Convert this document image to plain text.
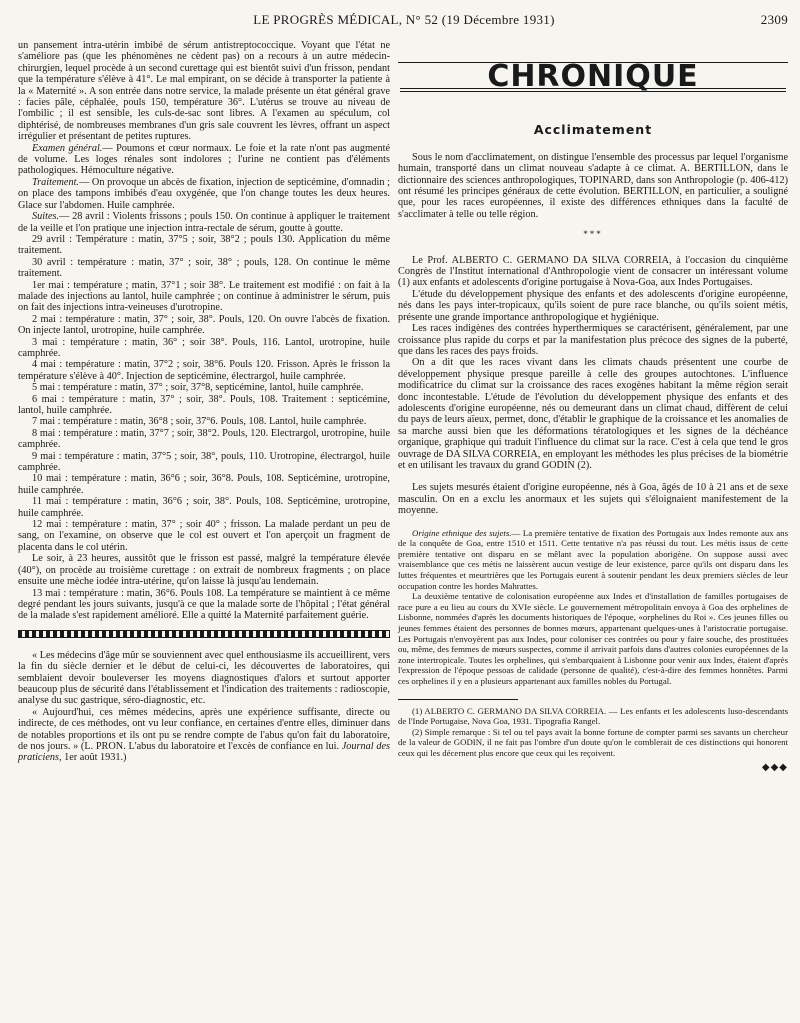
LE PROGRÈS MÉDICAL, N° 52 (19 Décembre 1931)	2309

un pansement intra-utérin imbibé de sérum antistreptococcique. Voyant que l'état ne s'améliore pas (que les phénomènes ne cèdent pas) on a recours à un autre médecin-chirurgien, lequel procède à un second curettage qui est bientôt suivi d'un frisson, pendant que la température s'élève à 41°. Le mal empirant, on se décide à transporter la patiente à la « Maternité ». A son entrée dans notre service, la malade présente un état général grave : facies pâle, céphalée, pouls 150, température 36°. L'utérus se trouve au niveau de l'ombilic ; il est sensible, les culs-de-sac sont libres. A l'examen au spéculum, col diphtérisé, de nombreuses membranes d'un gris sale couvrent les lèvres, offrant un aspect irrégulier et présentant de petites ruptures.

Examen général.— Poumons et cœur normaux. Le foie et la rate n'ont pas augmenté de volume. Les loges rénales sont indolores ; l'urine ne contient pas d'éléments pathologiques. Hémoculture négative.

Traitement.— On provoque un abcès de fixation, injection de septicémine, d'omnadin ; on place des tampons imbibés d'eau oxygénée, que l'on change toutes les deux heures. Glace sur l'abdomen. Huile camphrée.

Suites.— 28 avril : Violents frissons ; pouls 150. On continue à appliquer le traitement de la veille et l'on pratique une injection intra-rectale de sérum, goutte à goutte.

29 avril : Température : matin, 37°5 ; soir, 38°2 ; pouls 130. Application du même traitement.

30 avril : température : matin, 37° ; soir, 38° ; pouls, 128. On continue le même traitement.

1er mai : température ; matin, 37°1 ; soir 38°. Le traitement est modifié : on fait à la malade des injections au lantol, huile camphrée ; on continue à administrer le sérum, puis on fait des injections intra-veineuses d'urotropine.

2 mai : température : matin, 37° ; soir, 38°. Pouls, 120. On ouvre l'abcès de fixation. On injecte lantol, urotropine, huile camphrée.

3 mai : température : matin, 36° ; soir 38°. Pouls, 116. Lantol, urotropine, huile camphrée.

4 mai : température : matin, 37°2 ; soir, 38°6. Pouls 120. Frisson. Après le frisson la température s'élève à 40°. Injection de septicémine, électrargol, huile camphrée.

5 mai : température : matin, 37° ; soir, 37°8, septicémine, lantol, huile camphrée.

6 mai : température : matin, 37° ; soir, 38°. Pouls, 108. Traitement : septicémine, lantol, huile camphrée.

7 mai : température : matin, 36°8 ; soir, 37°6. Pouls, 108. Lantol, huile camphrée.

8 mai : température : matin, 37°7 ; soir, 38°2. Pouls, 120. Electrargol, urotropine, huile camphrée.

9 mai : température : matin, 37°5 ; soir, 38°, pouls, 110. Urotropine, électrargol, huile camphrée.

10 mai : température : matin, 36°6 ; soir, 36°8. Pouls, 108. Septicémine, urotropine, huile camphrée.

11 mai : température : matin, 36°6 ; soir, 38°. Pouls, 108. Septicémine, urotropine, huile camphrée.

12 mai : température : matin, 37° ; soir 40° ; frisson. La malade perdant un peu de sang, on l'examine, on observe que le col est ouvert et l'on aperçoit un fragment de placenta dans le col utérin.

Le soir, à 23 heures, aussitôt que le frisson est passé, malgré la température élevée (40°), on procède au troisième curettage : on extrait de nombreux fragments ; on place ensuite une mèche iodée intra-utérine, qu'on laisse là jusqu'au lendemain.

13 mai : température : matin, 36°6. Pouls 108. La température se maintient à ce même degré pendant les jours suivants, jusqu'à ce que la malade sorte de l'hôpital ; l'état général de la malade s'est rapidement amélioré. Elle a quitté la Maternité parfaitement guérie.

« Les médecins d'âge mûr se souviennent avec quel enthousiasme ils accueillirent, vers la fin du siècle dernier et le début de celui-ci, les découvertes de laboratoires, qui semblaient devoir bouleverser les moyens diagnostiques d'alors et surtout apporter beaucoup plus de sécurité dans l'établissement et l'indication des traitements : radioscopie, analyse du suc gastrique, séro-diagnostic, etc.

« Aujourd'hui, ces mêmes médecins, après une expérience suffisante, directe ou indirecte, de ces méthodes, ont vu leur confiance, en certaines d'entre elles, diminuer dans de notables proportions et ils ont pu se rendre compte de l'abus qu'on fait du laboratoire, de nos jours. » (L. PRON. L'abus du laboratoire et l'excès de confiance en lui. Journal des praticiens, 1er août 1931.)

CHRONIQUE
Acclimatement

Sous le nom d'acclimatement, on distingue l'ensemble des processus par lequel l'organisme humain, transporté dans un climat nouveau s'adapte à ce climat. A. BERTILLON, dans le dictionnaire des sciences anthropologiques, TOPINARD, dans son Anthropologie (p. 406-412) ont résumé les principes généraux de cette évolution. BERTILLON, en particulier, a souligné que, pour les races européennes, il existe des différences ethniques dans la faculté de s'acclimater à telle ou telle région.

***

Le Prof. ALBERTO C. GERMANO DA SILVA CORREIA, à l'occasion du cinquième Congrès de l'Institut international d'Anthropologie vient de consacrer un intéressant volume (1) aux enfants et adolescents d'origine portugaise à Nova-Goa, aux Indes Portugaises.

L'étude du développement physique des enfants et des adolescents d'origine européenne, nés dans les pays inter-tropicaux, qu'ils soient de pure race blanche, ou qu'ils soient métis, présente une grande importance anthropologique et hygiénique.

Les races indigènes des contrées hyperthermiques se caractérisent, généralement, par une croissance plus rapide du corps et par la manifestation plus précoce des signes de la puberté, que dans les races des pays froids.

On a dit que les races vivant dans les climats chauds présentent une courbe de développement physique presque pareille à celle des groupes autochtones. L'influence modificatrice du climat sur la croissance des races exogènes habitant la même région serait donc incontestable. L'étude de l'évolution du développement physique des enfants et des adolescents d'origine européenne, nés ou demeurant dans un climat chaud, diffèrent de celui du pays de leurs aïeux, permet, donc, d'établir le graphique de la croissance et les anomalies de sa marche aussi bien que les déformations tératologiques et les signes de la déchéance organique, graphique qui traduit l'influence du climat sur la race. C'est à cela que tend le gros ouvrage de DA SILVA CORREIA, en employant les méthodes les plus précises de la biométrie et en utilisant les travaux du grand GODIN (2).

Les sujets mesurés étaient d'origine européenne, nés à Goa, âgés de 10 à 21 ans et de sexe masculin. On en a exclu les anormaux et les sujets qui s'éloignaient manifestement de la moyenne.

Origine ethnique des sujets.— La première tentative de fixation des Portugais aux Indes remonte aux ans de la conquête de Goa, entre 1510 et 1511. Cette tentative n'a pas réussi du tout. Les métis issus de cette première tentative ont disparu en se mêlant avec la population aborigène. On suppose aussi avec vraisemblance que ces métis ne laissèrent aucun vestige de leur existence, parce qu'ils ont disparu dans les luttes fréquentes et meurtrières que les Portugais eurent à soutenir pendant les deux premiers siècles de leur occupation contre les hordes Mahrattes.

La deuxième tentative de colonisation européenne aux Indes et d'installation de familles portugaises de race pure a eu lieu au cours du XVIe siècle. Le gouvernement métropolitain envoya à Goa des orphelines de Lisbonne, nommées d'après les documents historiques de l'époque, «orphelines du Roi ». Ces jeunes filles ou jeunes femmes étaient des personnes de bonnes mœurs, appartenant quelques-unes à l'aristocratie portugaise. Les Portugais n'envoyèrent pas aux Indes, pour coloniser ces contrées ou pour y faire souche, des prostituées ou, même, des femmes de mœurs suspectes, comme il arrivait parfois dans d'autres colonies européennes de la zone intertropicale. Toutes les orphelines, qui s'embarquaient à Lisbonne pour venir aux Indes, étaient d'après l'expression de l'époque pessoas de calidade (personne de qualité), c'est-à-dire des femmes honnêtes. Parmi ces orphelines il y en a plusieurs appartenant aux familles nobles du Portugal.

(1) ALBERTO C. GERMANO DA SILVA CORREIA. — Les enfants et les adolescents luso-descendants de l'Inde Portugaise, Nova Goa, 1931. Tipografia Rangel.

(2) Simple remarque : Si tel ou tel pays avait la bonne fortune de compter parmi ses savants un chercheur de la valeur de GODIN, il ne fait pas l'ombre d'un doute qu'on le comblerait de ces distinctions qui honorent ceux qui les décernent plus encore que ceux qui les reçoivent.

◆◆◆
